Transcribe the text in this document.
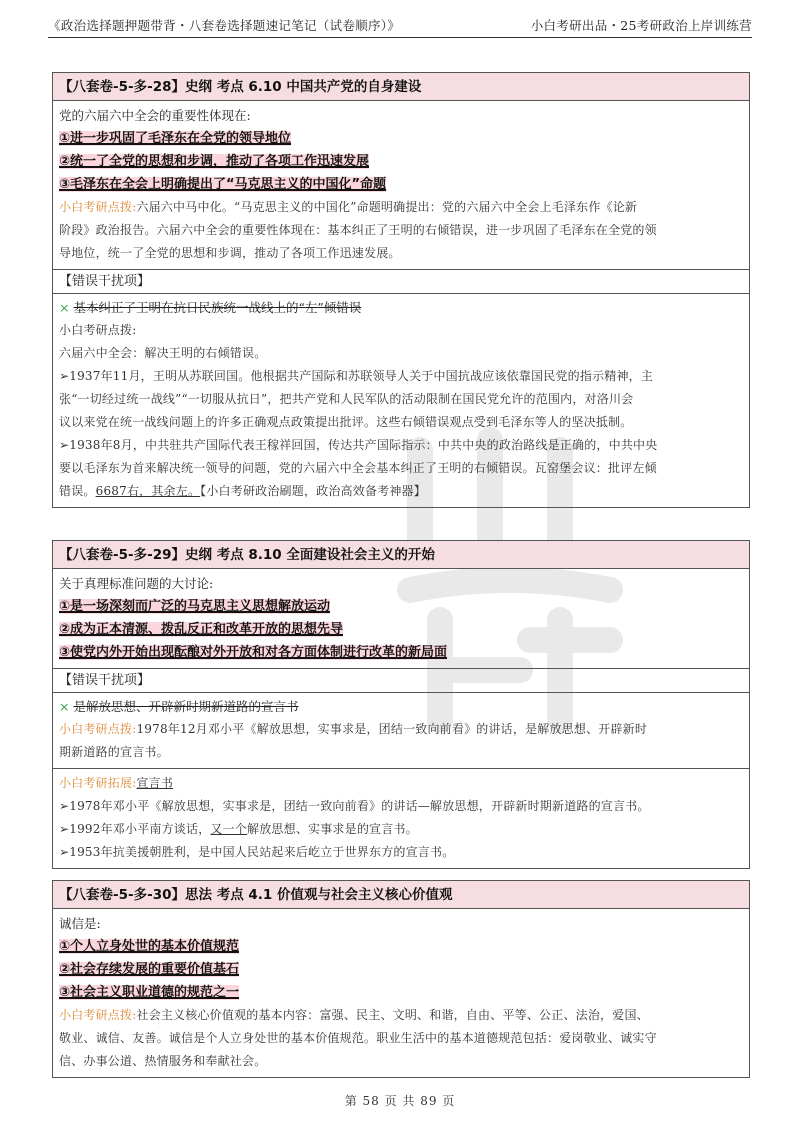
《政治选择题押题带背・八套卷选择题速记笔记（试卷顺序）》	小白考研出品・25考研政治上岸训练营
【八套卷-5-多-28】史纲 考点 6.10 中国共产党的自身建设
党的六届六中全会的重要性体现在:
①进一步巩固了毛泽东在全党的领导地位
②统一了全党的思想和步调，推动了各项工作迅速发展
③毛泽东在全会上明确提出了“马克思主义的中国化”命题
小白考研点拨:六届六中马中化。“马克思主义的中国化”命题明确提出：党的六届六中全会上毛泽东作《论新
阶段》政治报告。六届六中全会的重要性体现在：基本纠正了王明的右倾错误，进一步巩固了毛泽东在全党的领
导地位，统一了全党的思想和步调，推动了各项工作迅速发展。
【错误干扰项】
× 基本纠正了王明在抗日民族统一战线上的“左”倾错误
小白考研点拨:
六届六中全会：解决王明的右倾错误。
➢1937年11月，王明从苏联回国。他根据共产国际和苏联领导人关于中国抗战应该依靠国民党的指示精神，主
张“一切经过统一战线”“一切服从抗日”，把共产党和人民军队的活动限制在国民党允许的范围内，对洛川会
议以来党在统一战线问题上的许多正确观点政策提出批评。这些右倾错误观点受到毛泽东等人的坚决抵制。
➢1938年8月，中共驻共产国际代表王稼祥回国，传达共产国际指示：中共中央的政治路线是正确的，中共中央
要以毛泽东为首来解决统一领导的问题，党的六届六中全会基本纠正了王明的右倾错误。瓦窑堡会议：批评左倾
错误。6687右，其余左。【小白考研政治刷题，政治高效备考神器】
【八套卷-5-多-29】史纲 考点 8.10 全面建设社会主义的开始
关于真理标准问题的大讨论:
①是一场深刻而广泛的马克思主义思想解放运动
②成为正本清源、拨乱反正和改革开放的思想先导
③使党内外开始出现酝酿对外开放和对各方面体制进行改革的新局面
【错误干扰项】
× 是解放思想、开辟新时期新道路的宣言书
小白考研点拨:1978年12月邓小平《解放思想，实事求是，团结一致向前看》的讲话，是解放思想、开辟新时
期新道路的宣言书。
小白考研拓展:宣言书
➢1978年邓小平《解放思想，实事求是，团结一致向前看》的讲话—解放思想，开辟新时期新道路的宣言书。
➢1992年邓小平南方谈话，又一个解放思想、实事求是的宣言书。
➢1953年抗美援朝胜利，是中国人民站起来后屹立于世界东方的宣言书。
【八套卷-5-多-30】思法 考点 4.1 价值观与社会主义核心价值观
诚信是:
①个人立身处世的基本价值规范
②社会存续发展的重要价值基石
③社会主义职业道德的规范之一
小白考研点拨:社会主义核心价值观的基本内容：富强、民主、文明、和谐，自由、平等、公正、法治，爱国、
敬业、诚信、友善。诚信是个人立身处世的基本价值规范。职业生活中的基本道德规范包括：爱岗敬业、诚实守
信、办事公道、热情服务和奉献社会。
第 58 页 共 89 页
